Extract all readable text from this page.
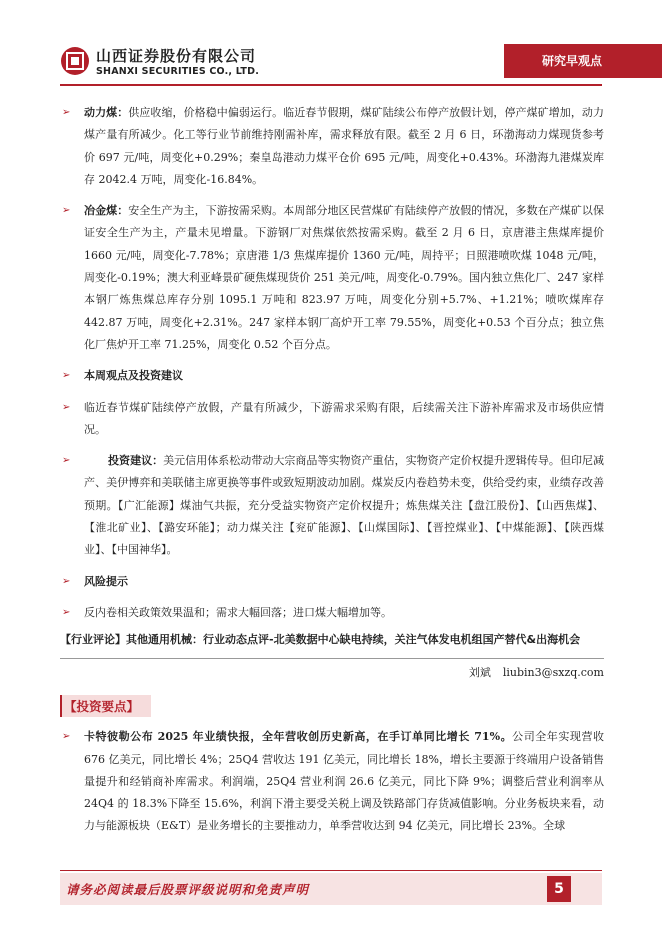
山西证券股份有限公司
SHANXI SECURITIES CO., LTD.
研究早观点
➢ 动力煤：供应收缩，价格稳中偏弱运行。临近春节假期，煤矿陆续公布停产放假计划，停产煤矿增加，动力煤产量有所减少。化工等行业节前维持刚需补库，需求释放有限。截至 2 月 6 日，环渤海动力煤现货参考价 697 元/吨，周变化+0.29%；秦皇岛港动力煤平仓价 695 元/吨，周变化+0.43%。环渤海九港煤炭库存 2042.4 万吨，周变化-16.84%。
➢ 冶金煤：安全生产为主，下游按需采购。本周部分地区民营煤矿有陆续停产放假的情况，多数在产煤矿以保证安全生产为主，产量未见增量。下游钢厂对焦煤依然按需采购。截至 2 月 6 日，京唐港主焦煤库提价 1660 元/吨，周变化-7.78%；京唐港 1/3 焦煤库提价 1360 元/吨，周持平；日照港喷吹煤 1048 元/吨，周变化-0.19%；澳大利亚峰景矿硬焦煤现货价 251 美元/吨，周变化-0.79%。国内独立焦化厂、247 家样本钢厂炼焦煤总库存分别 1095.1 万吨和 823.97 万吨，周变化分别+5.7%、+1.21%；喷吹煤库存 442.87 万吨，周变化+2.31%。247 家样本钢厂高炉开工率 79.55%，周变化+0.53 个百分点；独立焦化厂焦炉开工率 71.25%，周变化 0.52 个百分点。
➢ 本周观点及投资建议
➢ 临近春节煤矿陆续停产放假，产量有所减少，下游需求采购有限，后续需关注下游补库需求及市场供应情况。
➢	投资建议：美元信用体系松动带动大宗商品等实物资产重估，实物资产定价权提升逻辑传导。但印尼减产、美伊博弈和美联储主席更换等事件或致短期波动加剧。煤炭反内卷趋势未变，供给受约束，业绩存改善预期。【广汇能源】煤油气共振，充分受益实物资产定价权提升；炼焦煤关注【盘江股份】、【山西焦煤】、【淮北矿业】、【潞安环能】；动力煤关注【兖矿能源】、【山煤国际】、【晋控煤业】、【中煤能源】、【陕西煤业】、【中国神华】。
➢ 风险提示
➢ 反内卷相关政策效果温和；需求大幅回落；进口煤大幅增加等。
【行业评论】其他通用机械：行业动态点评-北美数据中心缺电持续，关注气体发电机组国产替代&出海机会
刘斌 liubin3@sxzq.com
【投资要点】
➢ 卡特彼勒公布 2025 年业绩快报，全年营收创历史新高，在手订单同比增长 71%。公司全年实现营收 676 亿美元，同比增长 4%；25Q4 营收达 191 亿美元，同比增长 18%，增长主要源于终端用户设备销售量提升和经销商补库需求。利润端，25Q4 营业利润 26.6 亿美元，同比下降 9%；调整后营业利润率从 24Q4 的 18.3%下降至 15.6%，利润下滑主要受关税上调及铁路部门存货减值影响。分业务板块来看，动力与能源板块（E&T）是业务增长的主要推动力，单季营收达到 94 亿美元，同比增长 23%。全球
请务必阅读最后股票评级说明和免责声明	5
